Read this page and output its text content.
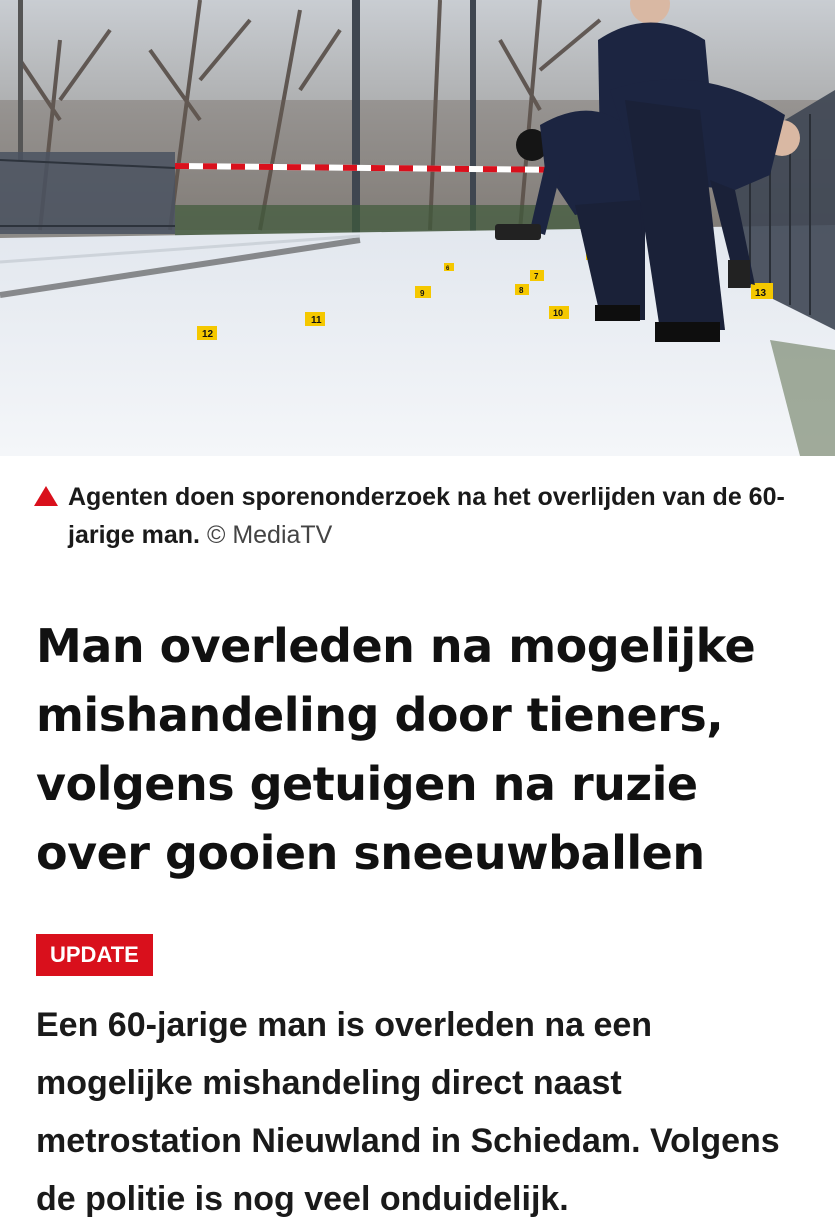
12
11
9	8
7
10
13
6
Agenten doen sporenonderzoek na het overlijden van de 60-jarige man. © MediaTV
Man overleden na mogelijke mishandeling door tieners, volgens getuigen na ruzie over gooien sneeuwballen
UPDATE

Een 60-jarige man is overleden na een mogelijke mishandeling direct naast metrostation Nieuwland in Schiedam. Volgens de politie is nog veel onduidelijk.
